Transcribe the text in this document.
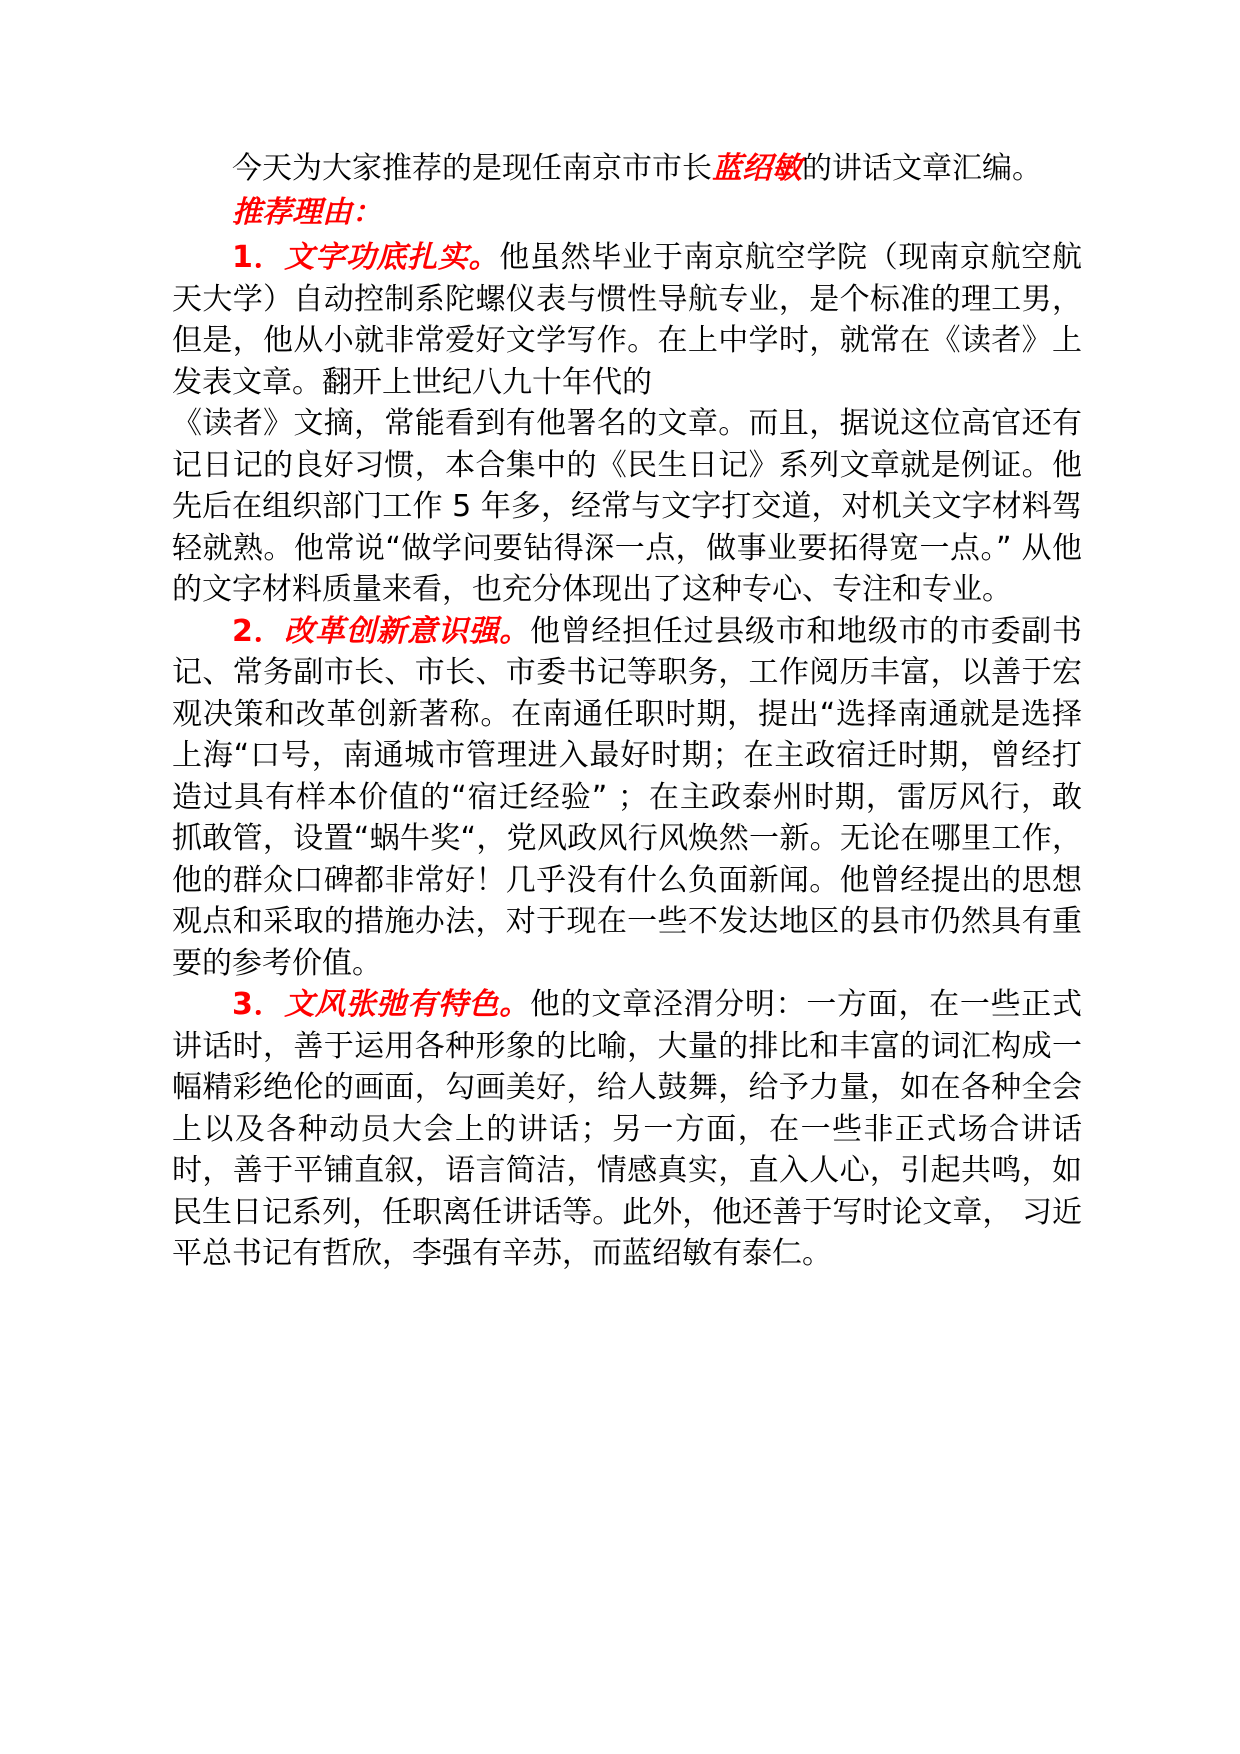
今天为大家推荐的是现任南京市市长蓝绍敏的讲话文章汇编。

推荐理由：

1．文字功底扎实。他虽然毕业于南京航空学院（现南京航空航天大学）自动控制系陀螺仪表与惯性导航专业，是个标准的理工男，但是，他从小就非常爱好文学写作。在上中学时，就常在《读者》上发表文章。翻开上世纪八九十年代的

《读者》文摘，常能看到有他署名的文章。而且，据说这位高官还有记日记的良好习惯，本合集中的《民生日记》系列文章就是例证。他先后在组织部门工作 5 年多，经常与文字打交道，对机关文字材料驾轻就熟。他常说“做学问要钻得深一点，做事业要拓得宽一点。” 从他的文字材料质量来看，也充分体现出了这种专心、专注和专业。

2．改革创新意识强。他曾经担任过县级市和地级市的市委副书记、常务副市长、市长、市委书记等职务，工作阅历丰富，以善于宏观决策和改革创新著称。在南通任职时期，提出“选择南通就是选择上海“口号，南通城市管理进入最好时期；在主政宿迁时期，曾经打造过具有样本价值的“宿迁经验” ；在主政泰州时期，雷厉风行，敢抓敢管，设置“蜗牛奖“，党风政风行风焕然一新。无论在哪里工作，他的群众口碑都非常好！几乎没有什么负面新闻。他曾经提出的思想观点和采取的措施办法，对于现在一些不发达地区的县市仍然具有重要的参考价值。

3．文风张弛有特色。他的文章泾渭分明：一方面，在一些正式讲话时，善于运用各种形象的比喻，大量的排比和丰富的词汇构成一幅精彩绝伦的画面，勾画美好，给人鼓舞，给予力量，如在各种全会上以及各种动员大会上的讲话；另一方面，在一些非正式场合讲话时，善于平铺直叙，语言简洁，情感真实，直入人心，引起共鸣，如民生日记系列，任职离任讲话等。此外，他还善于写时论文章， 习近平总书记有哲欣，李强有辛苏，而蓝绍敏有泰仁。
